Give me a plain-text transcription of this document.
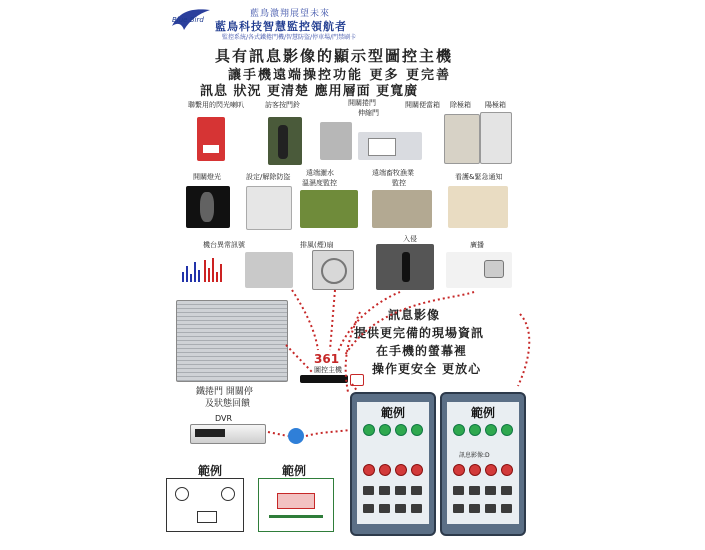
Blue Bird
藍鳥激翔展望未來
藍鳥科技智慧監控領航者
監控系統/各式鐵捲門機/智慧防盜/停車場/門禁刷卡
具有訊息影像的顯示型圖控主機
讓手機遠端操控功能 更多 更完善
訊息 狀況 更清楚 應用層面 更寬廣
聯繫用的閃光喇叭	訪客按門鈴	開關捲門
伸縮門
開關便當箱 除極箱 陽極箱
開關燈光	設定/解除防盜 遠端灑水
溫濕度監控
遠端畜牧漁業
監控
看護&緊急通知
機台異常訊號	排風(煙)扇
入侵
廣播
鐵捲門 開關停
及狀態回饋
361
圖控主機
DVR
訊息影像
提供更完備的現場資訊
在手機的螢幕裡
操作更安全 更放心
範例	範例
訊息影像:D
範例	範例
